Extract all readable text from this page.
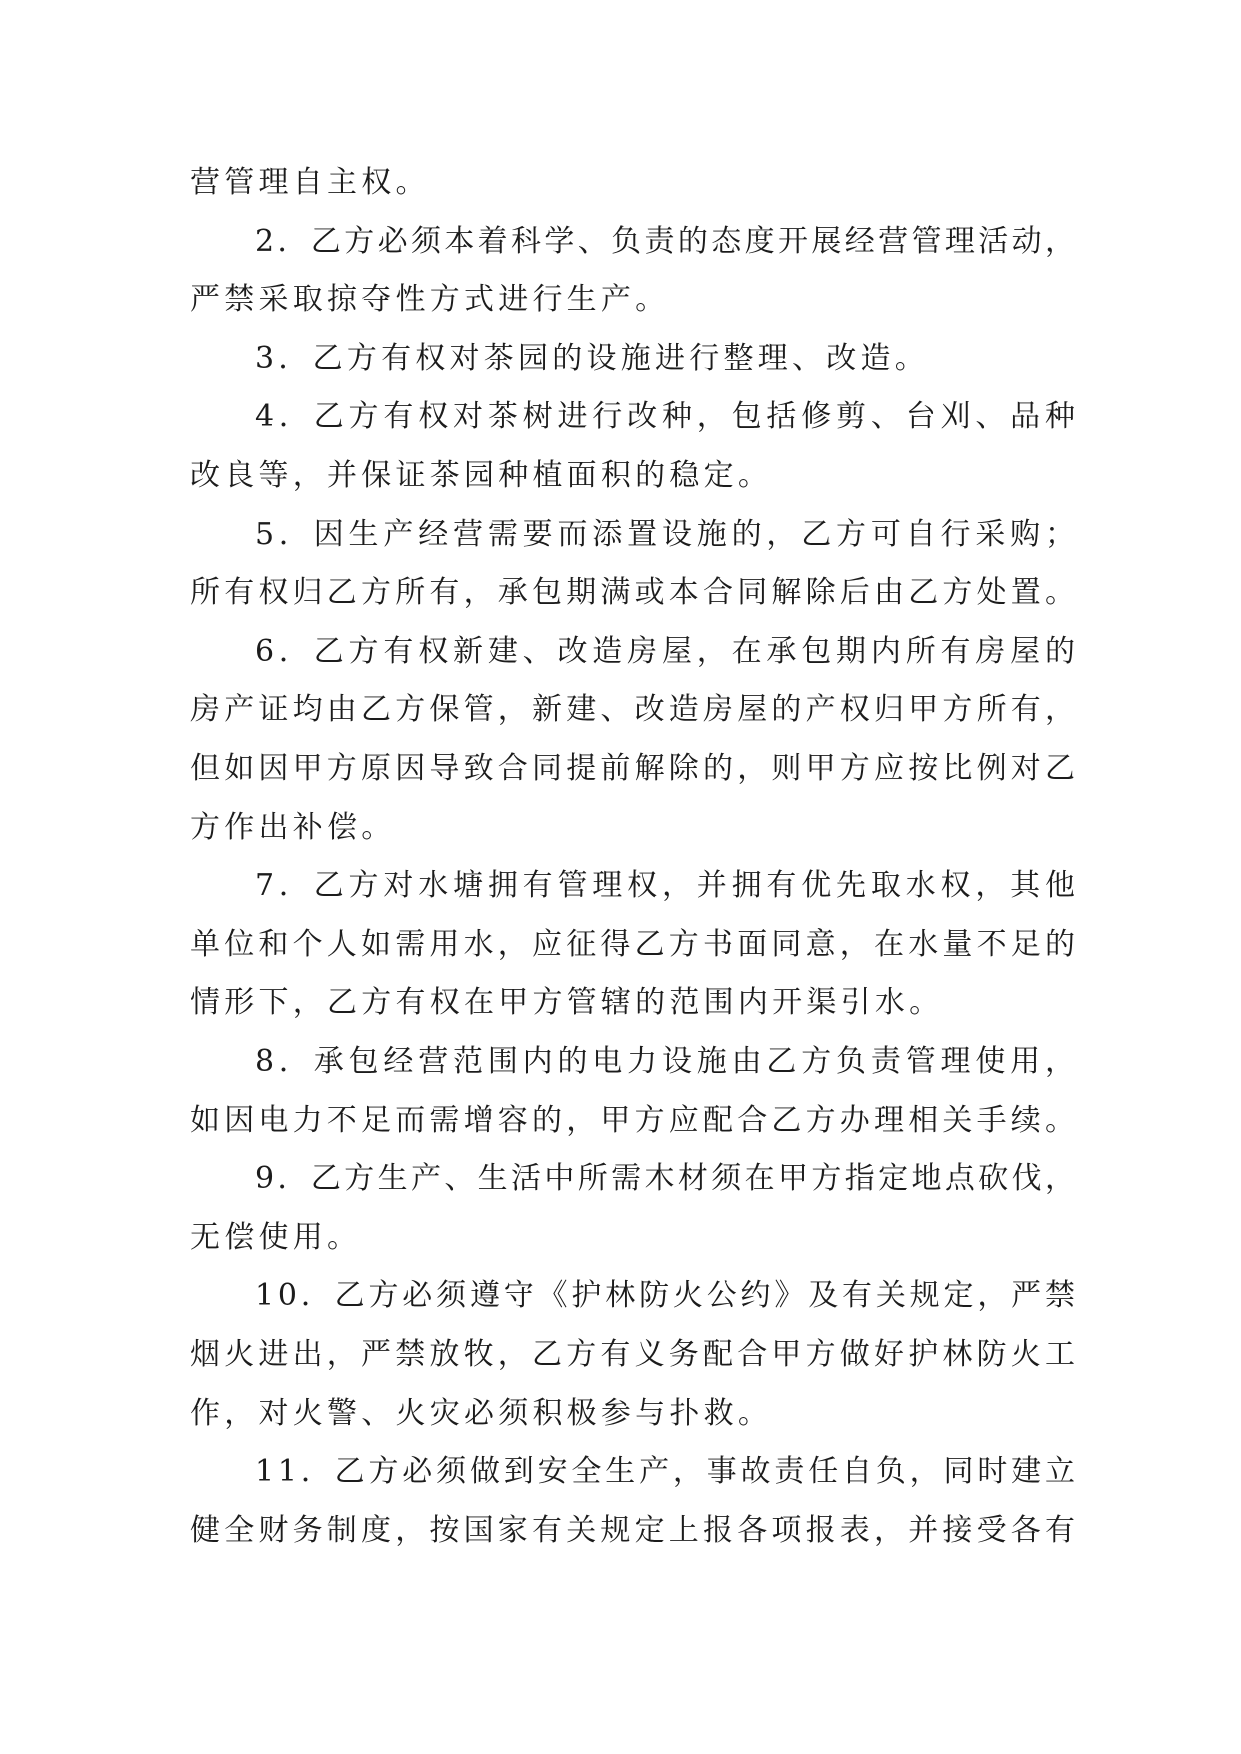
营管理自主权。
2．乙方必须本着科学、负责的态度开展经营管理活动，
严禁采取掠夺性方式进行生产。
3．乙方有权对茶园的设施进行整理、改造。
4．乙方有权对茶树进行改种，包括修剪、台刈、品种
改良等，并保证茶园种植面积的稳定。
5．因生产经营需要而添置设施的，乙方可自行采购；
所有权归乙方所有，承包期满或本合同解除后由乙方处置。
6．乙方有权新建、改造房屋，在承包期内所有房屋的
房产证均由乙方保管，新建、改造房屋的产权归甲方所有，
但如因甲方原因导致合同提前解除的，则甲方应按比例对乙
方作出补偿。
7．乙方对水塘拥有管理权，并拥有优先取水权，其他
单位和个人如需用水，应征得乙方书面同意，在水量不足的
情形下，乙方有权在甲方管辖的范围内开渠引水。
8．承包经营范围内的电力设施由乙方负责管理使用，
如因电力不足而需增容的，甲方应配合乙方办理相关手续。
9．乙方生产、生活中所需木材须在甲方指定地点砍伐，
无偿使用。
10．乙方必须遵守《护林防火公约》及有关规定，严禁
烟火进出，严禁放牧，乙方有义务配合甲方做好护林防火工
作，对火警、火灾必须积极参与扑救。
11．乙方必须做到安全生产，事故责任自负，同时建立
健全财务制度，按国家有关规定上报各项报表，并接受各有
